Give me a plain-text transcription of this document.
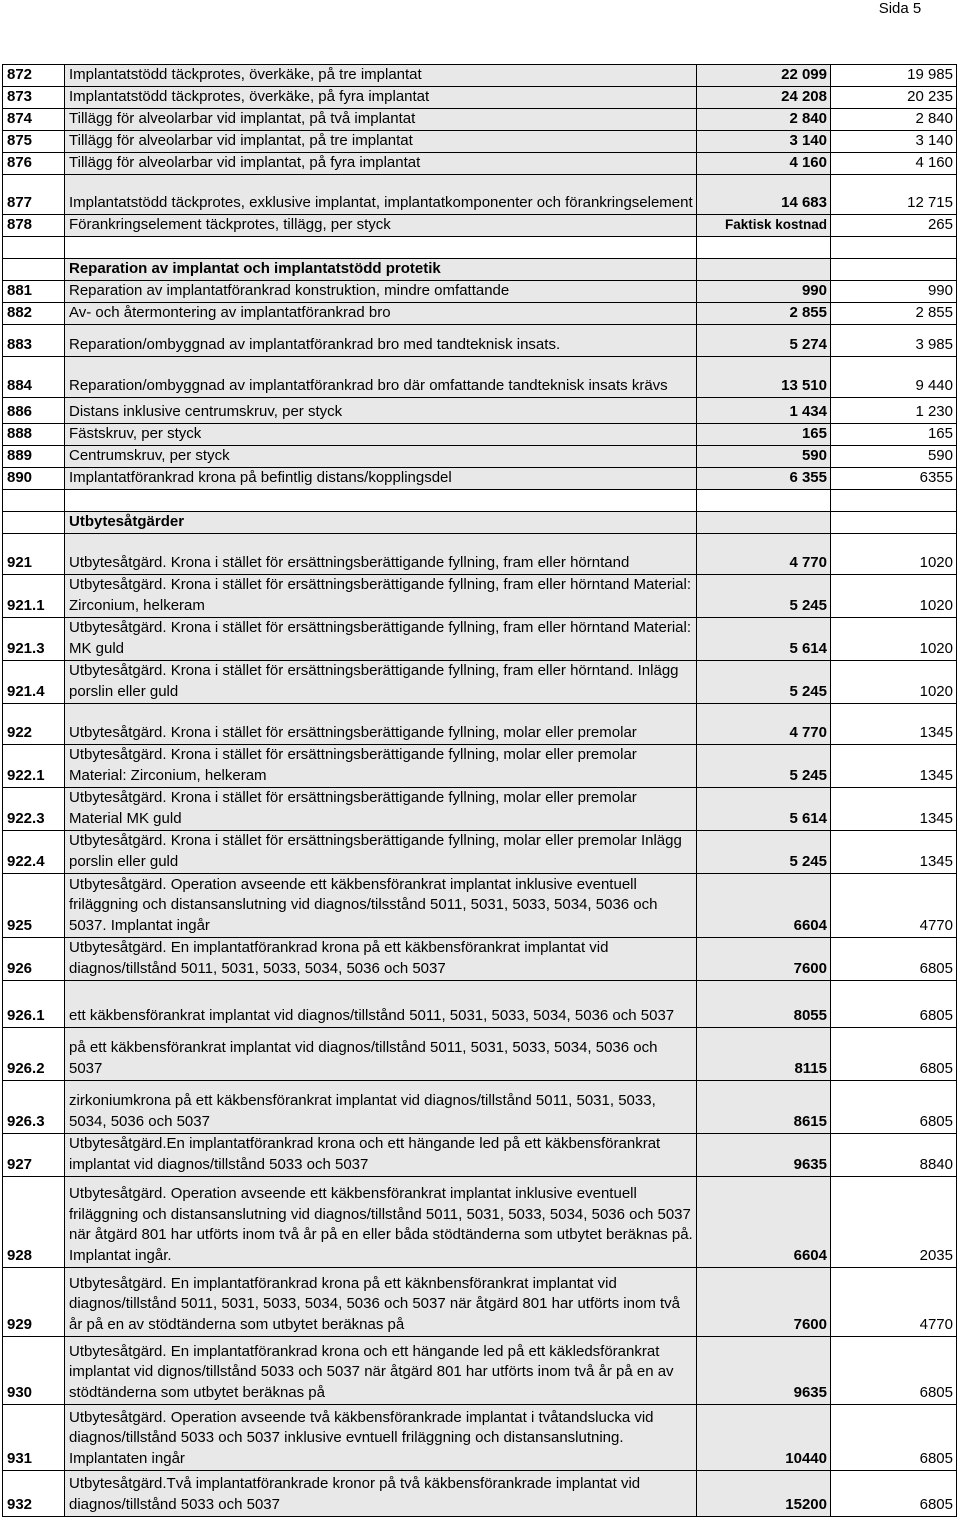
Sida 5
872	Implantatstödd täckprotes, överkäke, på tre implantat	22 099	19 985
873	Implantatstödd täckprotes, överkäke, på fyra implantat	24 208	20 235
874	Tillägg för alveolarbar vid implantat, på två implantat	2 840	2 840
875	Tillägg för alveolarbar vid implantat, på tre implantat	3 140	3 140
876	Tillägg för alveolarbar vid implantat, på fyra implantat	4 160	4 160
877	Implantatstödd täckprotes, exklusive implantat, implantatkomponenter och förankringselement	14 683	12 715
878	Förankringselement täckprotes, tillägg, per styck	Faktisk kostnad	265

	Reparation av implantat och implantatstödd protetik		
881	Reparation av implantatförankrad konstruktion, mindre omfattande	990	990
882	Av- och återmontering av implantatförankrad bro	2 855	2 855
883	Reparation/ombyggnad av implantatförankrad bro med tandteknisk insats.	5 274	3 985
884	Reparation/ombyggnad av implantatförankrad bro där omfattande tandteknisk insats krävs	13 510	9 440
886	Distans inklusive centrumskruv, per styck	1 434	1 230
888	Fästskruv, per styck	165	165
889	Centrumskruv, per styck	590	590
890	Implantatförankrad krona på befintlig distans/kopplingsdel	6 355	6355

	Utbytesåtgärder		
921	Utbytesåtgärd. Krona i stället för ersättningsberättigande fyllning, fram eller hörntand	4 770	1020
921.1	Utbytesåtgärd. Krona i stället för ersättningsberättigande fyllning, fram eller hörntand Material: Zirconium, helkeram	5 245	1020
921.3	Utbytesåtgärd. Krona i stället för ersättningsberättigande fyllning, fram eller hörntand Material: MK guld	5 614	1020
921.4	Utbytesåtgärd. Krona i stället för ersättningsberättigande fyllning, fram eller hörntand. Inlägg porslin eller guld	5 245	1020
922	Utbytesåtgärd. Krona i stället för ersättningsberättigande fyllning, molar eller premolar	4 770	1345
922.1	Utbytesåtgärd. Krona i stället för ersättningsberättigande fyllning, molar eller premolar Material: Zirconium, helkeram	5 245	1345
922.3	Utbytesåtgärd. Krona i stället för ersättningsberättigande fyllning, molar eller premolar Material MK guld	5 614	1345
922.4	Utbytesåtgärd. Krona i stället för ersättningsberättigande fyllning, molar eller premolar Inlägg porslin eller guld	5 245	1345
925	Utbytesåtgärd. Operation avseende ett käkbensförankrat implantat inklusive eventuell friläggning och distansanslutning vid diagnos/tilsstånd 5011, 5031, 5033, 5034, 5036 och 5037. Implantat ingår	6604	4770
926	Utbytesåtgärd. En implantatförankrad krona på ett käkbensförankrat implantat vid diagnos/tillstånd 5011, 5031, 5033, 5034, 5036 och 5037	7600	6805
926.1	ett käkbensförankrat implantat vid diagnos/tillstånd 5011, 5031, 5033, 5034, 5036 och 5037	8055	6805
926.2	på ett käkbensförankrat implantat vid diagnos/tillstånd 5011, 5031, 5033, 5034, 5036 och 5037	8115	6805
926.3	zirkoniumkrona på ett käkbensförankrat implantat vid diagnos/tillstånd 5011, 5031, 5033, 5034, 5036 och 5037	8615	6805
927	Utbytesåtgärd.En implantatförankrad krona och ett hängande led på ett käkbensförankrat implantat vid diagnos/tillstånd 5033 och 5037	9635	8840
928	Utbytesåtgärd. Operation avseende ett käkbensförankrat implantat inklusive eventuell friläggning och distansanslutning vid diagnos/tillstånd 5011, 5031, 5033, 5034, 5036 och 5037 när åtgärd 801 har utförts inom två år på en eller båda stödtänderna som utbytet beräknas på. Implantat ingår.	6604	2035
929	Utbytesåtgärd. En implantatförankrad krona på ett käknbensförankrat implantat vid diagnos/tillstånd 5011, 5031, 5033, 5034, 5036 och 5037 när åtgärd 801 har utförts inom två år på en av stödtänderna som utbytet beräknas på	7600	4770
930	Utbytesåtgärd. En implantatförankrad krona och ett hängande led på ett käkledsförankrat implantat vid dignos/tillstånd 5033 och 5037 när åtgärd 801 har utförts inom två år på en av stödtänderna som utbytet beräknas på	9635	6805
931	Utbytesåtgärd. Operation avseende två käkbensförankrade implantat i tvåtandslucka vid diagnos/tillstånd 5033 och 5037 inklusive evntuell friläggning och distansanslutning. Implantaten ingår	10440	6805
932	Utbytesåtgärd.Två implantatförankrade kronor på två käkbensförankrade implantat vid diagnos/tillstånd 5033 och 5037	15200	6805
